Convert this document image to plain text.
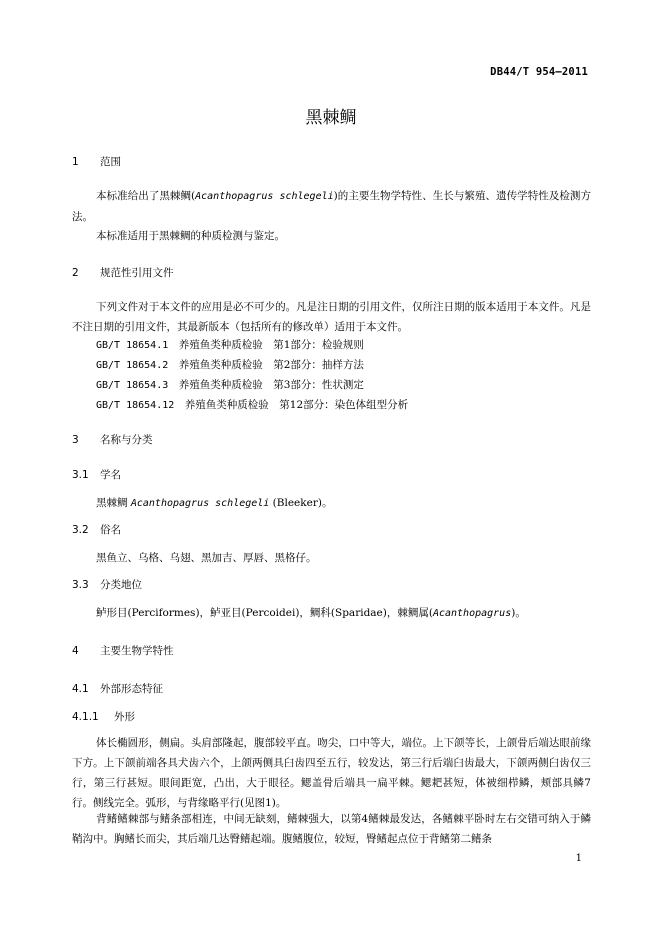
DB44/T 954—2011
黑棘鲷
1 范围
本标准给出了黑棘鲷(Acanthopagrus schlegeli)的主要生物学特性、生长与繁殖、遗传学特性及检测方法。
本标准适用于黑棘鲷的种质检测与鉴定。
2 规范性引用文件
下列文件对于本文件的应用是必不可少的。凡是注日期的引用文件，仅所注日期的版本适用于本文件。凡是不注日期的引用文件，其最新版本（包括所有的修改单）适用于本文件。
GB/T 18654.1　 养殖鱼类种质检验　第1部分：检验规则
GB/T 18654.2　 养殖鱼类种质检验　第2部分：抽样方法
GB/T 18654.3　 养殖鱼类种质检验　第3部分：性状测定
GB/T 18654.12　 养殖鱼类种质检验　第12部分：染色体组型分析
3 名称与分类
3.1 学名
黑棘鲷 Acanthopagrus schlegeli (Bleeker)。
3.2 俗名
黑鱼立、乌格、乌翅、黑加吉、厚唇、黑格仔。
3.3 分类地位
鲈形目(Perciformes)，鲈亚目(Percoidei)，鲷科(Sparidae)，棘鲷属(Acanthopagrus)。
4 主要生物学特性
4.1 外部形态特征
4.1.1 外形
体长椭圆形，侧扁。头肩部隆起，腹部较平直。吻尖，口中等大，端位。上下颌等长，上颌骨后端达眼前缘下方。上下颌前端各具犬齿六个，上颌两侧具臼齿四至五行，较发达，第三行后端臼齿最大，下颌两侧臼齿仅三行，第三行甚短。眼间距宽，凸出，大于眼径。鳃盖骨后端具一扁平棘。鳃耙甚短，体被细栉鳞，颊部具鳞7行。侧线完全。弧形，与背缘略平行(见图1)。
背鳍鳍棘部与鳍条部相连，中间无缺刻，鳍棘强大，以第4鳍棘最发达，各鳍棘平卧时左右交错可纳入于鳞鞘沟中。胸鳍长而尖，其后端几达臀鳍起端。腹鳍腹位，较短，臀鳍起点位于背鳍第二鳍条
1
